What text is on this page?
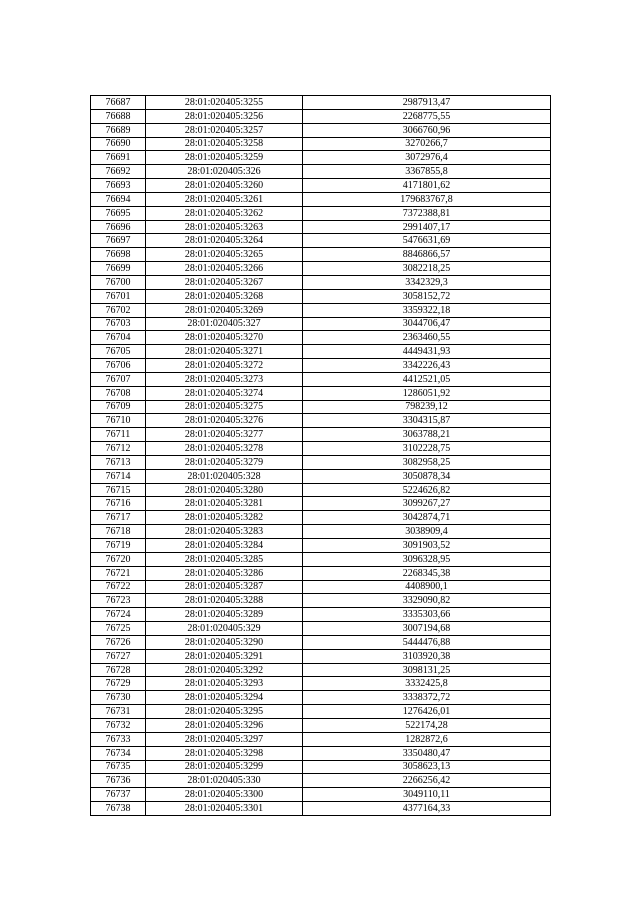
76687	28:01:020405:3255	2987913,47
76688	28:01:020405:3256	2268775,55
76689	28:01:020405:3257	3066760,96
76690	28:01:020405:3258	3270266,7
76691	28:01:020405:3259	3072976,4
76692	28:01:020405:326	3367855,8
76693	28:01:020405:3260	4171801,62
76694	28:01:020405:3261	179683767,8
76695	28:01:020405:3262	7372388,81
76696	28:01:020405:3263	2991407,17
76697	28:01:020405:3264	5476631,69
76698	28:01:020405:3265	8846866,57
76699	28:01:020405:3266	3082218,25
76700	28:01:020405:3267	3342329,3
76701	28:01:020405:3268	3058152,72
76702	28:01:020405:3269	3359322,18
76703	28:01:020405:327	3044706,47
76704	28:01:020405:3270	2363460,55
76705	28:01:020405:3271	4449431,93
76706	28:01:020405:3272	3342226,43
76707	28:01:020405:3273	4412521,05
76708	28:01:020405:3274	1286051,92
76709	28:01:020405:3275	798239,12
76710	28:01:020405:3276	3304315,87
76711	28:01:020405:3277	3063788,21
76712	28:01:020405:3278	3102228,75
76713	28:01:020405:3279	3082958,25
76714	28:01:020405:328	3050878,34
76715	28:01:020405:3280	5224626,82
76716	28:01:020405:3281	3099267,27
76717	28:01:020405:3282	3042874,71
76718	28:01:020405:3283	3038909,4
76719	28:01:020405:3284	3091903,52
76720	28:01:020405:3285	3096328,95
76721	28:01:020405:3286	2268345,38
76722	28:01:020405:3287	4408900,1
76723	28:01:020405:3288	3329090,82
76724	28:01:020405:3289	3335303,66
76725	28:01:020405:329	3007194,68
76726	28:01:020405:3290	5444476,88
76727	28:01:020405:3291	3103920,38
76728	28:01:020405:3292	3098131,25
76729	28:01:020405:3293	3332425,8
76730	28:01:020405:3294	3338372,72
76731	28:01:020405:3295	1276426,01
76732	28:01:020405:3296	522174,28
76733	28:01:020405:3297	1282872,6
76734	28:01:020405:3298	3350480,47
76735	28:01:020405:3299	3058623,13
76736	28:01:020405:330	2266256,42
76737	28:01:020405:3300	3049110,11
76738	28:01:020405:3301	4377164,33
